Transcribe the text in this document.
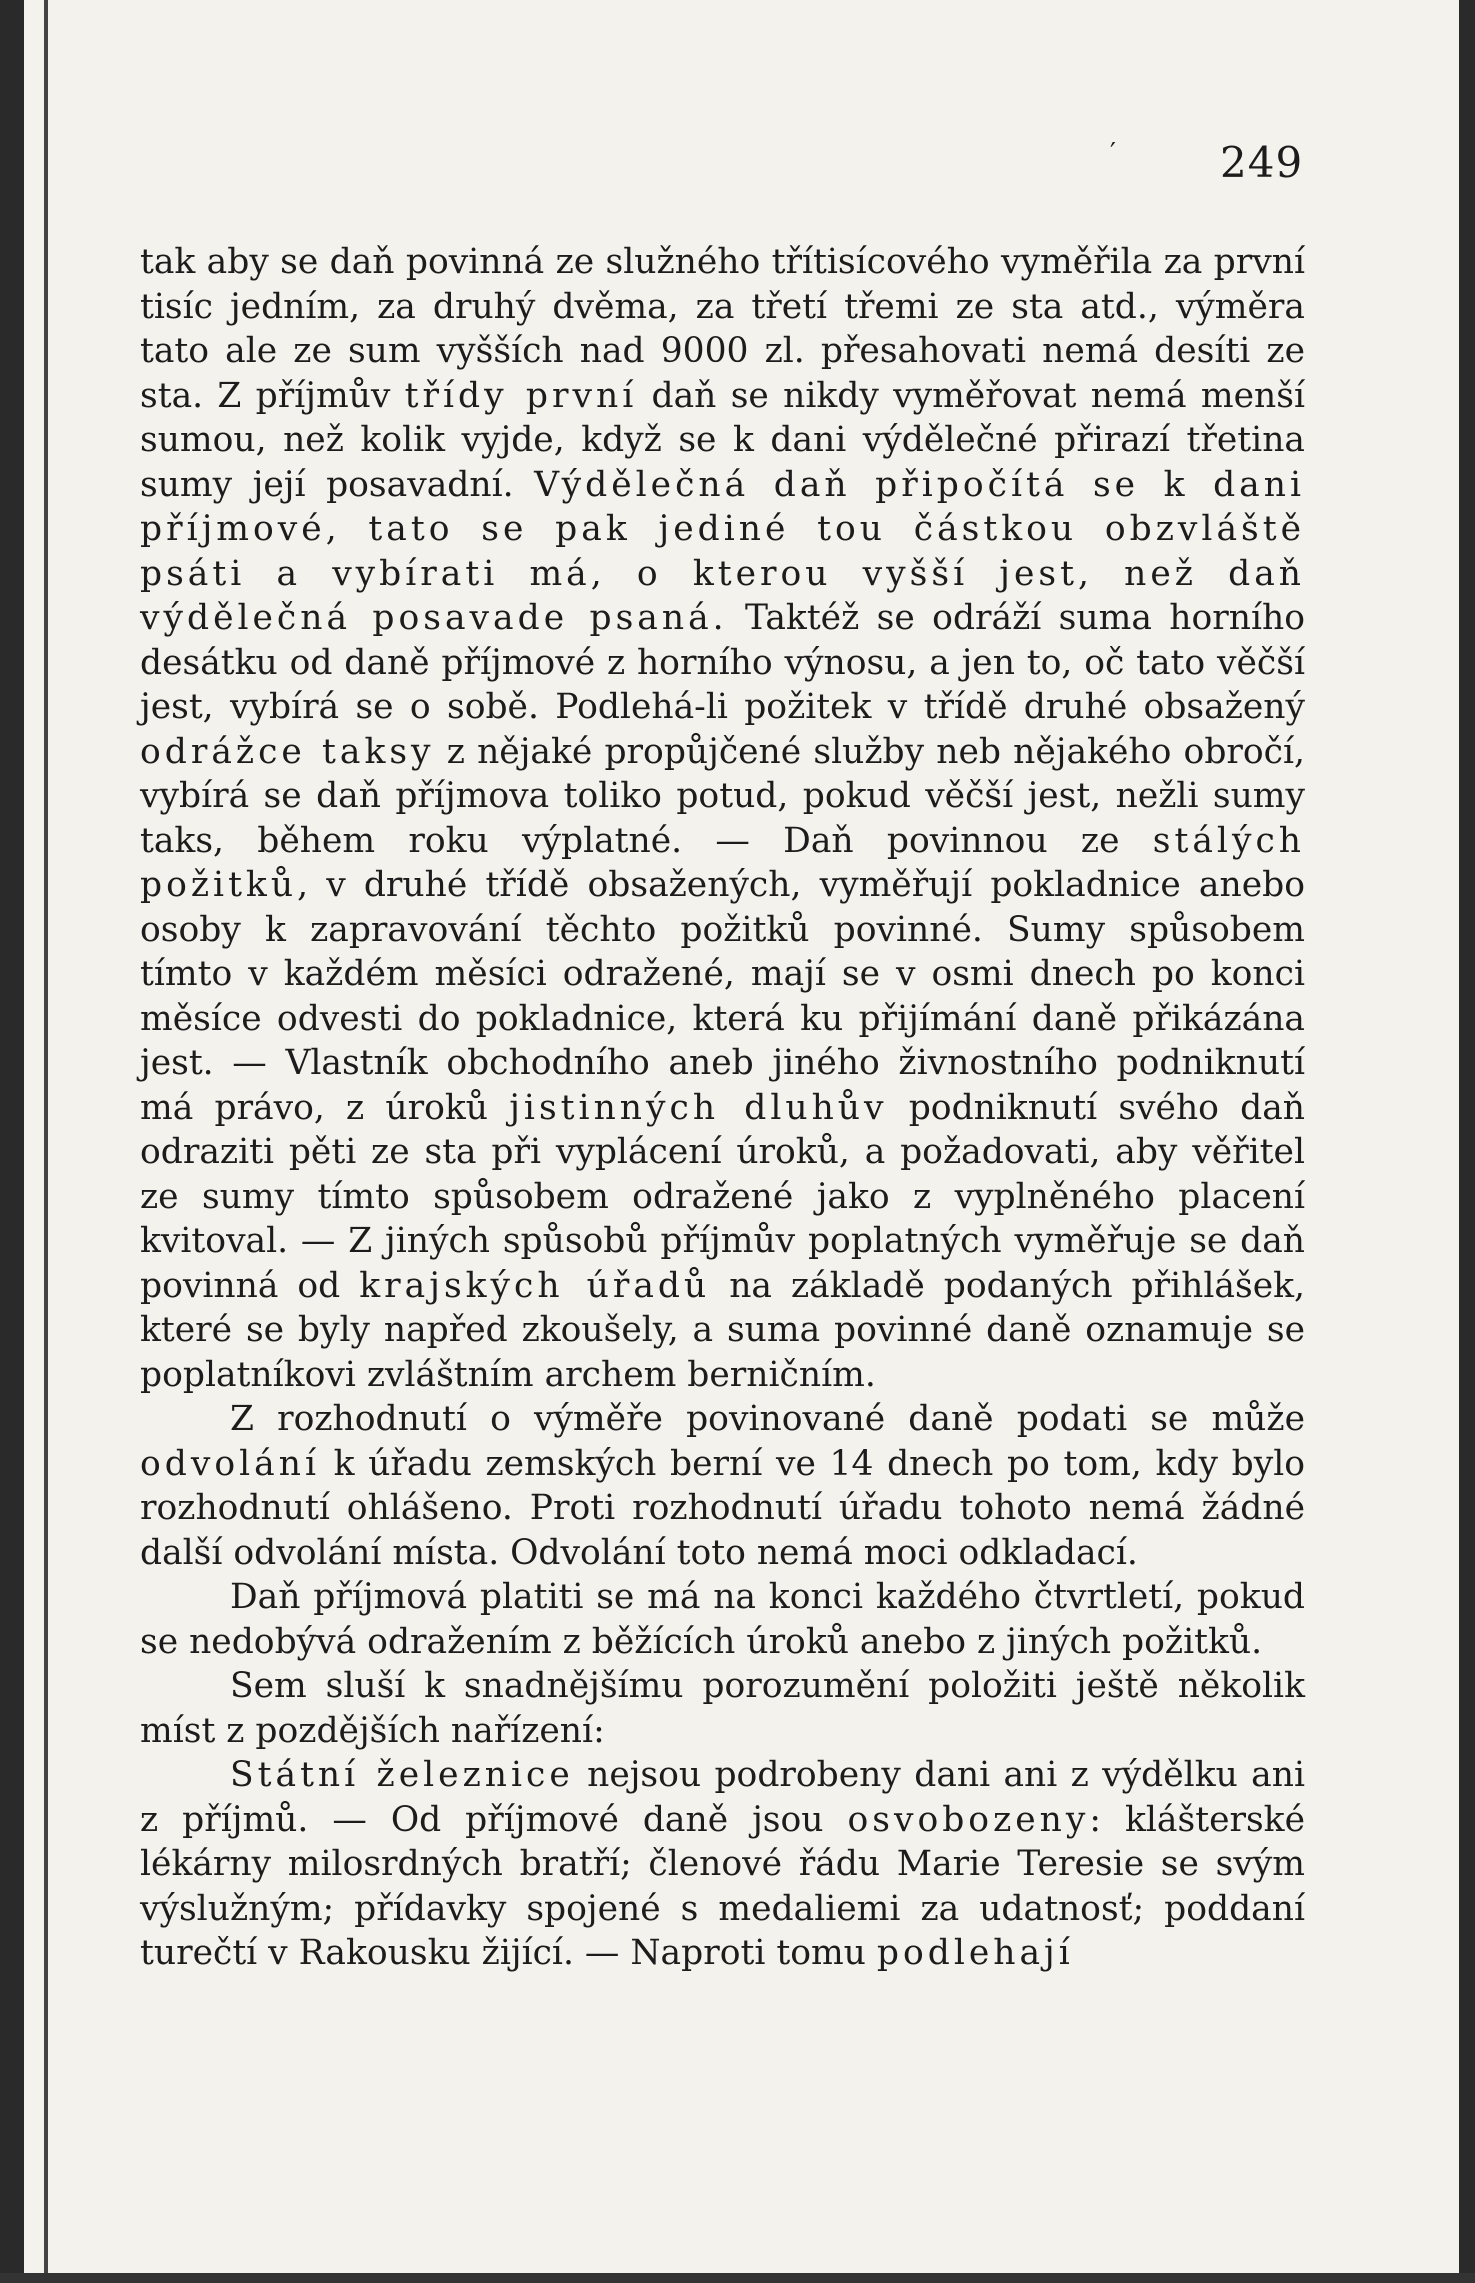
′ 249

tak aby se daň povinná ze služného třítisícového vyměřila za první tisíc jedním, za druhý dvěma, za třetí třemi ze sta atd., výměra tato ale ze sum vyšších nad 9000 zl. přesahovati nemá desíti ze sta. Z příjmův třídy první daň se nikdy vyměřovat nemá menší sumou, než kolik vyjde, když se k dani výdělečné přirazí třetina sumy její posavadní. Výdělečná daň připočítá se k dani příjmové, tato se pak jediné tou částkou obzvláště psáti a vybírati má, o kterou vyšší jest, než daň výdělečná posavade psaná. Taktéž se odráží suma horního desátku od daně příjmové z horního výnosu, a jen to, oč tato věčší jest, vybírá se o sobě. Podlehá-li požitek v třídě druhé obsažený odrážce taksy z nějaké propůjčené služby neb nějakého obročí, vybírá se daň příjmova toliko potud, pokud věčší jest, nežli sumy taks, během roku výplatné. — Daň povinnou ze stálých požitků, v druhé třídě obsažených, vyměřují pokladnice anebo osoby k zapravování těchto požitků povinné. Sumy spůsobem tímto v každém měsíci odražené, mají se v osmi dnech po konci měsíce odvesti do pokladnice, která ku přijímání daně přikázána jest. — Vlastník obchodního aneb jiného živnostního podniknutí má právo, z úroků jistinných dluhův podniknutí svého daň odraziti pěti ze sta při vyplácení úroků, a požadovati, aby věřitel ze sumy tímto spůsobem odražené jako z vyplněného placení kvitoval. — Z jiných spůsobů příjmův poplatných vyměřuje se daň povinná od krajských úřadů na základě podaných přihlášek, které se byly napřed zkoušely, a suma povinné daně oznamuje se poplatníkovi zvláštním archem berničním.

Z rozhodnutí o výměře povinované daně podati se může odvolání k úřadu zemských berní ve 14 dnech po tom, kdy bylo rozhodnutí ohlášeno. Proti rozhodnutí úřadu tohoto nemá žádné další odvolání místa. Odvolání toto nemá moci odkladací.

Daň příjmová platiti se má na konci každého čtvrtletí, pokud se nedobývá odražením z běžících úroků anebo z jiných požitků.

Sem sluší k snadnějšímu porozumění položiti ještě několik míst z pozdějších nařízení:

Státní železnice nejsou podrobeny dani ani z výdělku ani z příjmů. — Od příjmové daně jsou osvobozeny: klášterské lékárny milosrdných bratří; členové řádu Marie Teresie se svým výslužným; přídavky spojené s medaliemi za udatnosť; poddaní turečtí v Rakousku žijící. — Naproti tomu podlehají
